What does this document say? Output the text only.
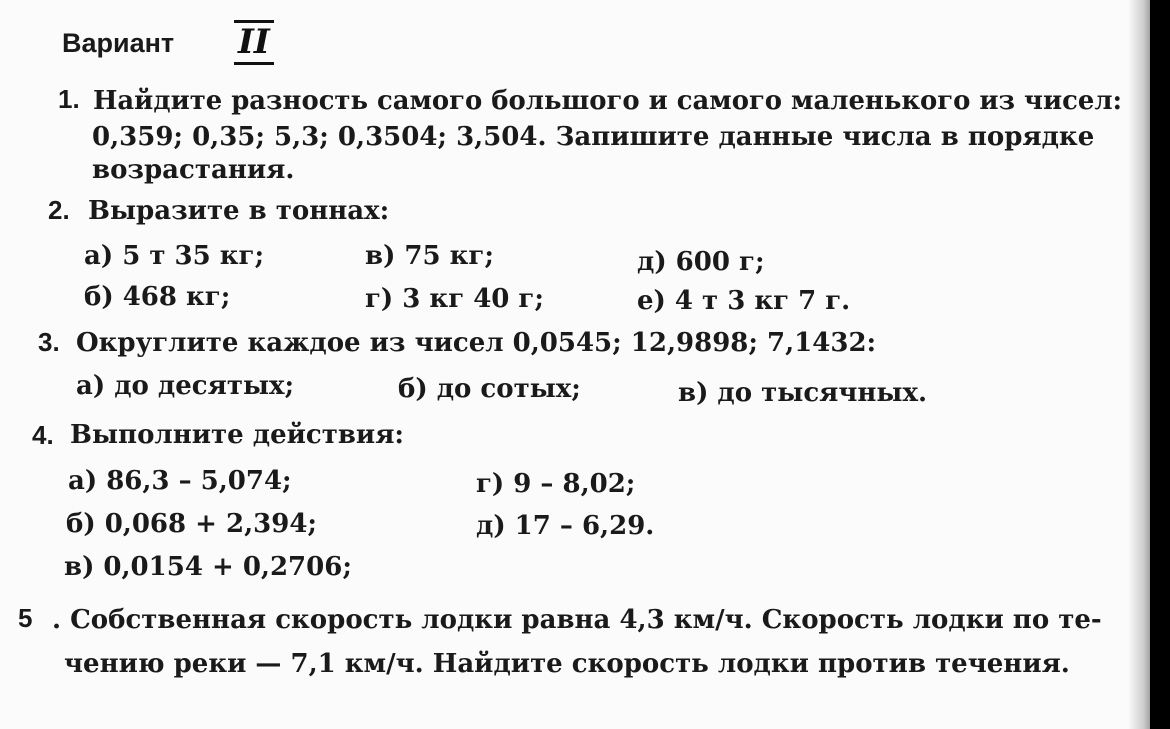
Вариант II
1. Найдите разность самого большого и самого маленького из чисел:
0,359; 0,35; 5,3; 0,3504; 3,504. Запишите данные числа в порядке
возрастания.
2. Выразите в тоннах:
а) 5 т 35 кг;	в) 75 кг;	д) 600 г;
б) 468 кг;	г) 3 кг 40 г;	е) 4 т 3 кг 7 г.
3. Округлите каждое из чисел 0,0545; 12,9898; 7,1432:
а) до десятых;	б) до сотых;	в) до тысячных.
4. Выполните действия:
а) 86,3 – 5,074;	г) 9 – 8,02;
б) 0,068 + 2,394;	д) 17 – 6,29.
в) 0,0154 + 0,2706;
5 . Собственная скорость лодки равна 4,3 км/ч. Скорость лодки по те-
чению реки — 7,1 км/ч. Найдите скорость лодки против течения.
